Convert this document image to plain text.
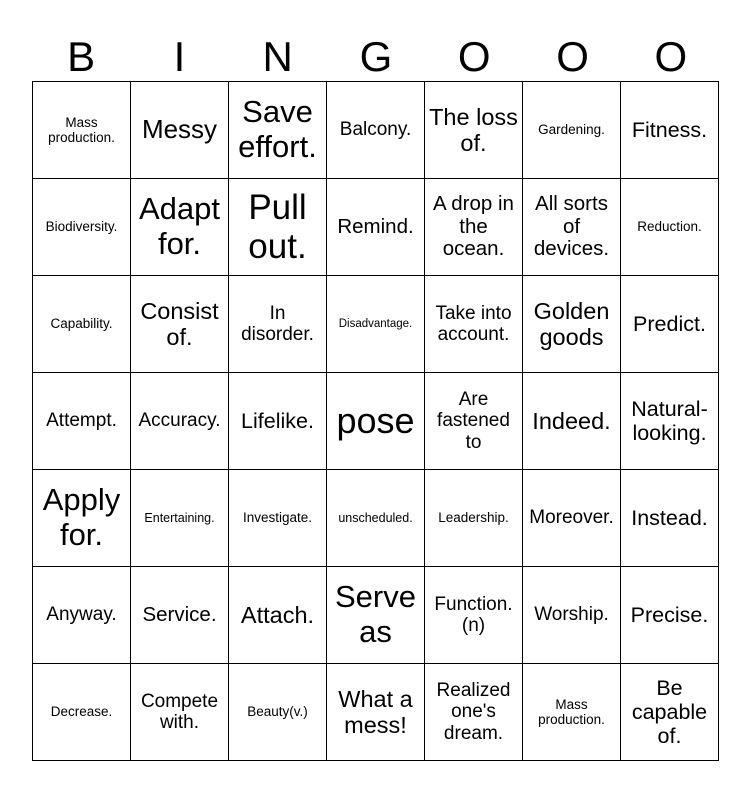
B	I	N	G	O	O	O
Mass production.	Messy	Save effort.	Balcony.	The loss of.	Gardening.	Fitness.
Biodiversity.	Adapt for.	Pull out.	Remind.	A drop in the ocean.	All sorts of devices.	Reduction.
Capability.	Consist of.	In disorder.	Disadvantage.	Take into account.	Golden goods	Predict.
Attempt.	Accuracy.	Lifelike.	pose	Are fastened to	Indeed.	Natural-looking.
Apply for.	Entertaining.	Investigate.	unscheduled.	Leadership.	Moreover.	Instead.
Anyway.	Service.	Attach.	Serve as	Function.(n)	Worship.	Precise.
Decrease.	Compete with.	Beauty(v.)	What a mess!	Realized one's dream.	Mass production.	Be capable of.
